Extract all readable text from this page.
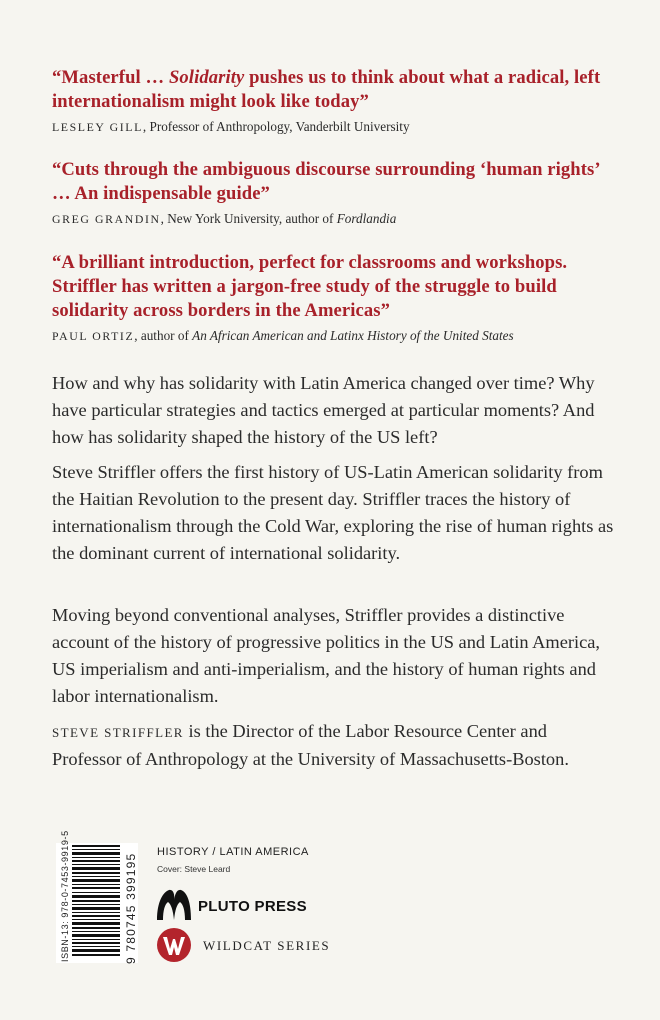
“Masterful … Solidarity pushes us to think about what a radical, left internationalism might look like today”

LESLEY GILL, Professor of Anthropology, Vanderbilt University

“Cuts through the ambiguous discourse surrounding ‘human rights’ … An indispensable guide”

GREG GRANDIN, New York University, author of Fordlandia

“A brilliant introduction, perfect for classrooms and workshops. Striffler has written a jargon-free study of the struggle to build solidarity across borders in the Americas”

PAUL ORTIZ, author of An African American and Latinx History of the United States

How and why has solidarity with Latin America changed over time? Why have particular strategies and tactics emerged at particular moments? And how has solidarity shaped the history of the US left?

Steve Striffler offers the first history of US-Latin American solidarity from the Haitian Revolution to the present day. Striffler traces the history of internationalism through the Cold War, exploring the rise of human rights as the dominant current of international solidarity.

Moving beyond conventional analyses, Striffler provides a distinctive account of the history of progressive politics in the US and Latin America, US imperialism and anti-imperialism, and the history of human rights and labor internationalism.

STEVE STRIFFLER is the Director of the Labor Resource Center and Professor of Anthropology at the University of Massachusetts-Boston.

ISBN-13: 978-0-7453-9919-5	9 780745 399195
HISTORY / LATIN AMERICA
Cover: Steve Leard
PLUTO PRESS
WILDCAT SERIES
